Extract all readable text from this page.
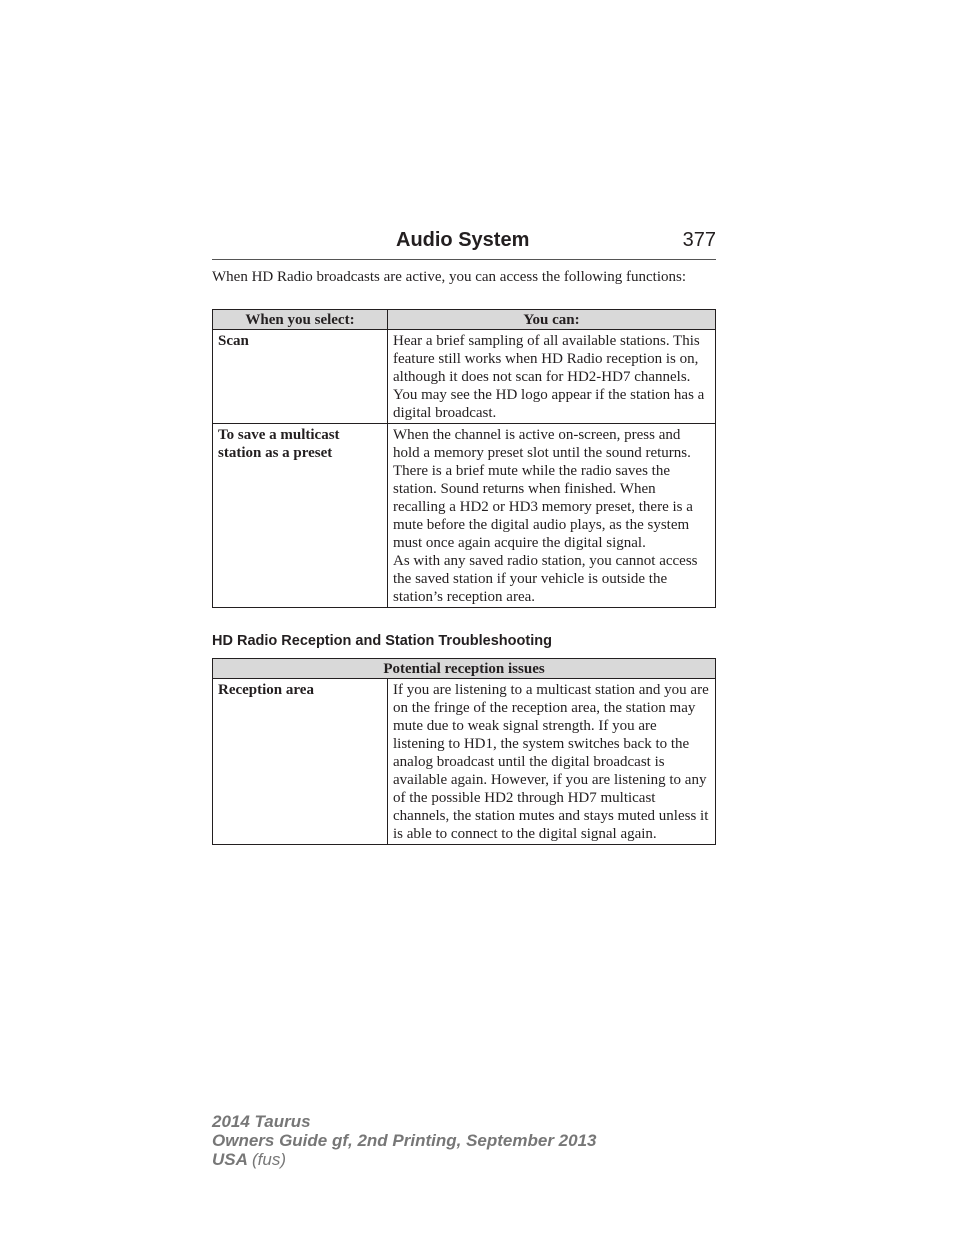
Audio System	377

When HD Radio broadcasts are active, you can access the following functions:

When you select:	You can:
Scan	Hear a brief sampling of all available stations. This feature still works when HD Radio reception is on, although it does not scan for HD2-HD7 channels. You may see the HD logo appear if the station has a digital broadcast.

To save a multicast station as a preset	When the channel is active on-screen, press and hold a memory preset slot until the sound returns. There is a brief mute while the radio saves the station. Sound returns when finished. When recalling a HD2 or HD3 memory preset, there is a mute before the digital audio plays, as the system must once again acquire the digital signal.

As with any saved radio station, you cannot access the saved station if your vehicle is outside the station’s reception area.

HD Radio Reception and Station Troubleshooting
Potential reception issues
Reception area	If you are listening to a multicast station and you are on the fringe of the reception area, the station may mute due to weak signal strength. If you are listening to HD1, the system switches back to the analog broadcast until the digital broadcast is available again. However, if you are listening to any of the possible HD2 through HD7 multicast channels, the station mutes and stays muted unless it is able to connect to the digital signal again.

2014 Taurus
Owners Guide gf, 2nd Printing, September 2013
USA (fus)
